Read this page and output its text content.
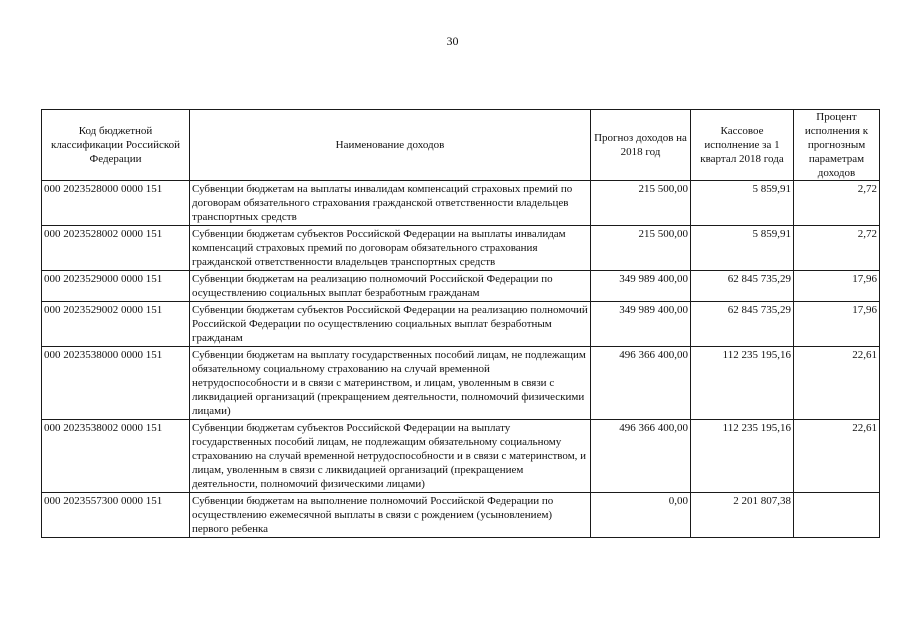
30
Код бюджетной классификации Российской Федерации	Наименование доходов	Прогноз доходов на 2018 год	Кассовое исполнение за 1 квартал 2018 года	Процент исполнения к прогнозным параметрам доходов
000 2023528000 0000 151	Субвенции бюджетам на выплаты инвалидам компенсаций страховых премий по договорам обязательного страхования гражданской ответственности владельцев транспортных средств	215 500,00	5 859,91	2,72
000 2023528002 0000 151	Субвенции бюджетам субъектов Российской Федерации на выплаты инвалидам компенсаций страховых премий по договорам обязательного страхования гражданской ответственности владельцев транспортных средств	215 500,00	5 859,91	2,72
000 2023529000 0000 151	Субвенции бюджетам на реализацию полномочий Российской Федерации по осуществлению социальных выплат безработным гражданам	349 989 400,00	62 845 735,29	17,96
000 2023529002 0000 151	Субвенции бюджетам субъектов Российской Федерации на реализацию полномочий Российской Федерации по осуществлению социальных выплат безработным гражданам	349 989 400,00	62 845 735,29	17,96
000 2023538000 0000 151	Субвенции бюджетам на выплату государственных пособий лицам, не подлежащим обязательному социальному страхованию на случай временной нетрудоспособности и в связи с материнством, и лицам, уволенным в связи с ликвидацией организаций (прекращением деятельности, полномочий физическими лицами)	496 366 400,00	112 235 195,16	22,61
000 2023538002 0000 151	Субвенции бюджетам субъектов Российской Федерации на выплату государственных пособий лицам, не подлежащим обязательному социальному страхованию на случай временной нетрудоспособности и в связи с материнством, и лицам, уволенным в связи с ликвидацией организаций (прекращением деятельности, полномочий физическими лицами)	496 366 400,00	112 235 195,16	22,61
000 2023557300 0000 151	Субвенции бюджетам на выполнение полномочий Российской Федерации по осуществлению ежемесячной выплаты в связи с рождением (усыновлением) первого ребенка	0,00	2 201 807,38	
